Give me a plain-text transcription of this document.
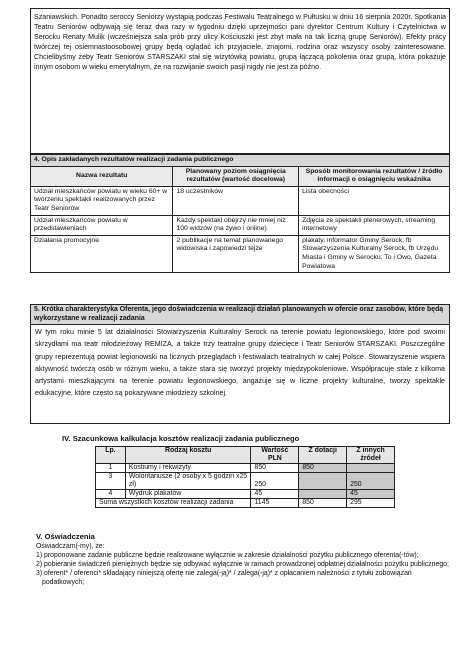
Szaniawskich. Ponadto seroccy Seniorzy wystąpią podczas Festiwalu Teatralnego w Pułtusku w dniu 16 sierpnia 2020r. Spotkania Teatru Seniorów odbywają się teraz dwa razy w tygodniu dzięki uprzejmości pani dyrektor Centrum Kultury i Czytelnictwa w Serocku Renaty Mulik (wcześniejsza sala prób przy ulicy Kościuszki jest zbyt mała na tak liczną grupę Seniorów). Efekty pracy twórczej tej osiemnastoosobowej grupy będą oglądać ich przyjaciele, znajomi, rodzina oraz wszyscy osoby zainteresowane. Chcielibyśmy żeby Teatr Seniorów STARSZAKI stał się wizytówką powiatu, grupą łączącą pokolenia oraz grupą, która pokazuje innym osobom w wieku emerytalnym, że na rozwijanie swoich pasji nigdy nie jest za późno.

4. Opis zakładanych rezultatów realizacji zadania publicznego		
Nazwa rezultatu	Planowany poziom osiągnięcia rezultatów (wartość docelowa)	Sposób monitorowania rezultatów / źródło informacji o osiągnięciu wskaźnika
Udział mieszkańców powiatu w wieku 60+ w tworzeniu spektakli realizowanych przez Teatr Seniorów	18 uczestników	Lista obecności
Udział mieszkańców powiatu w przedstawieniach	Każdy spektakl obejrzy nie mniej niż 100 widzów (na żywo i online)	Zdjęcia ze spektakli plenerowych, streaming internetowy
Działania promocyjne	2 publikacje na temat planowanego widowiska i zapowiedzi tejże	plakaty, informator Gminy Serock, fb Stowarzyszenia Kulturalny Serock, fb Urzędu Miasta i Gminy w Serocku, To i Owo, Gazeta Powiatowa
5. Krótka charakterystyka Oferenta, jego doświadczenia w realizacji działań planowanych w ofercie oraz zasobów, które będą wykorzystane w realizacji zadania

W tym roku minie 5 lat działalności Stowarzyszenia Kulturalny Serock na terenie powiatu legionowskiego, które pod swoimi skrzydłami ma teatr młodzieżowy REMIZA, a także trzy teatralne grupy dziecięce i Teatr Seniorów STARSZAKI. Poszczególne grupy reprezentują powiat legionowski na licznych przeglądach i festiwalach teatralnych w całej Polsce. Stowarzyszenie wspiera aktywność twórczą osób w różnym wieku, a także stara się tworzyć projekty międzypokoleniowe. Współpracuje stale z kilkoma artystami mieszkającymi na terenie powiatu legionowskiego, angażuje się w liczne projekty kulturalne, tworzy spektakle edukacyjne, które często są pokazywane młodzieży szkolnej.

IV. Szacunkowa kalkulacja kosztów realizacji zadania publicznego
Lp.	Rodzaj kosztu	Wartość PLN	Z dotacji	Z innych źródeł
1	Kostiumy i rekwizyty	850	850	
3	Wolontariusze (2 osoby x 5 godzin x25 zł)	250		250
4	Wydruk plakatów	45		45
Suma wszystkich kosztów realizacji zadania		1145	850	295
V. Oświadczenia
Oświadczam(-my), że:
1) proponowane zadanie publiczne będzie realizowane wyłącznie w zakresie działalności pożytku publicznego oferenta(-tów);
2) pobieranie świadczeń pieniężnych będzie się odbywać wyłącznie w ramach prowadzonej odpłatnej działalności pożytku publicznego;
3) oferent* / oferenci* składający niniejszą ofertę nie zalega(-ją)* / zalega(-ją)* z opłacaniem należności z tytułu zobowiązań podatkowych;
